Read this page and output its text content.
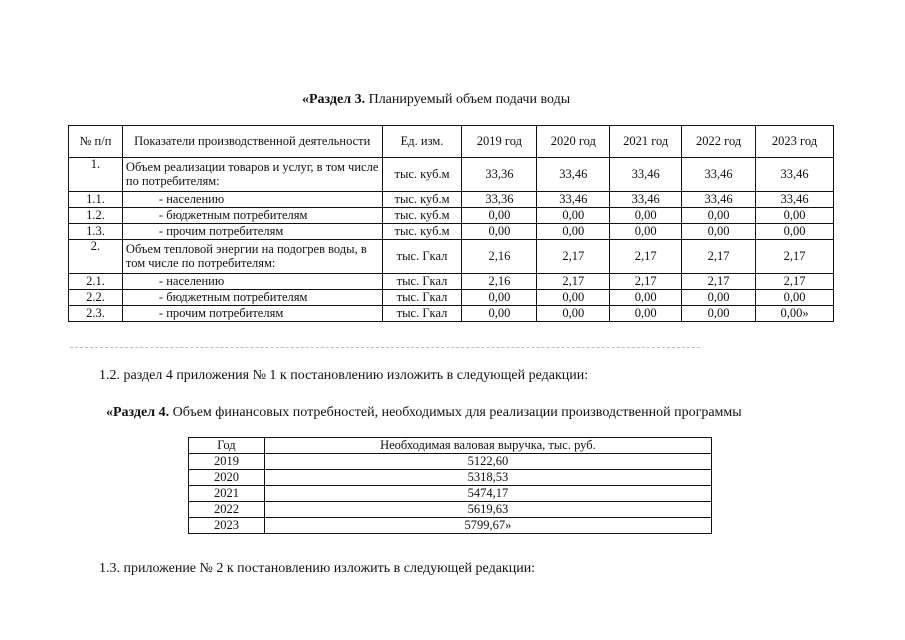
«Раздел 3. Планируемый объем подачи воды
№ п/п	Показатели производственной деятельности	Ед. изм.	2019 год	2020 год	2021 год	2022 год	2023 год
1.	Объем реализации товаров и услуг, в том числе по потребителям:	тыс. куб.м	33,36	33,46	33,46	33,46	33,46
1.1.	- населению	тыс. куб.м	33,36	33,46	33,46	33,46	33,46
1.2.	- бюджетным потребителям	тыс. куб.м	0,00	0,00	0,00	0,00	0,00
1.3.	- прочим потребителям	тыс. куб.м	0,00	0,00	0,00	0,00	0,00
2.	Объем тепловой энергии на подогрев воды, в том числе по потребителям:	тыс. Гкал	2,16	2,17	2,17	2,17	2,17
2.1.	- населению	тыс. Гкал	2,16	2,17	2,17	2,17	2,17
2.2.	- бюджетным потребителям	тыс. Гкал	0,00	0,00	0,00	0,00	0,00
2.3.	- прочим потребителям	тыс. Гкал	0,00	0,00	0,00	0,00	0,00»
1.2. раздел 4 приложения № 1 к постановлению изложить в следующей редакции:
«Раздел 4. Объем финансовых потребностей, необходимых для реализации производственной программы
Год	Необходимая валовая выручка, тыс. руб.
2019	5122,60
2020	5318,53
2021	5474,17
2022	5619,63
2023	5799,67»
1.3. приложение № 2 к постановлению изложить в следующей редакции:
